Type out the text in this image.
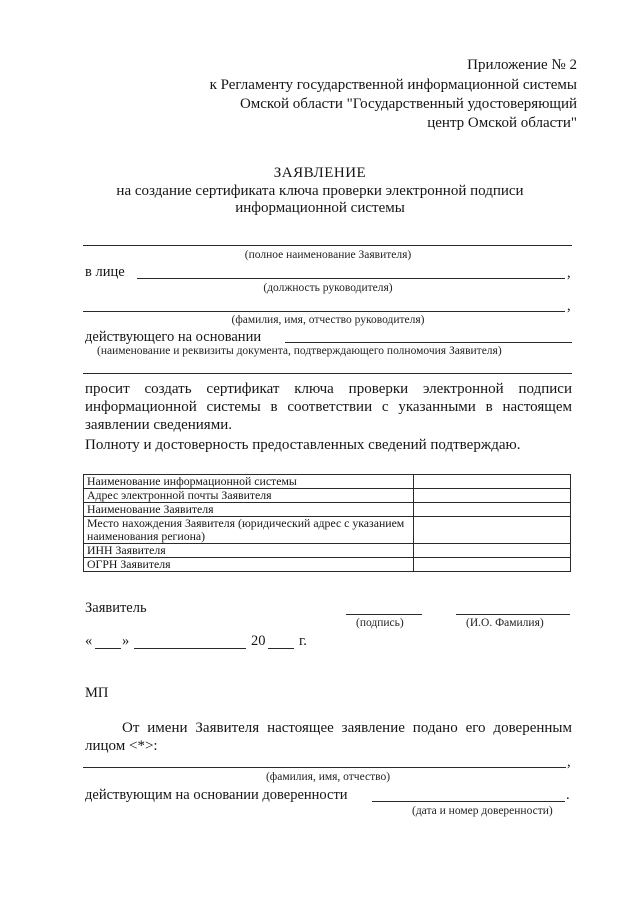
Приложение № 2
к Регламенту государственной информационной системы
Омской области "Государственный удостоверяющий
центр Омской области"
ЗАЯВЛЕНИЕ
на создание сертификата ключа проверки электронной подписи
информационной системы
(полное наименование Заявителя)
в лице	,
(должность руководителя)
,
(фамилия, имя, отчество руководителя)
действующего на основании
(наименование и реквизиты документа, подтверждающего полномочия Заявителя)
просит создать сертификат ключа проверки электронной подписи информационной системы в соответствии с указанными в настоящем заявлении сведениями.
Полноту и достоверность предоставленных сведений подтверждаю.
Наименование информационной системы	
Адрес электронной почты Заявителя	
Наименование Заявителя	
Место нахождения Заявителя (юридический адрес с указанием наименования региона)	
ИНН Заявителя	
ОГРН Заявителя	
Заявитель
(подпись)	(И.О. Фамилия)
« »	20 г.
МП
От имени Заявителя настоящее заявление подано его доверенным лицом <*>:
,
(фамилия, имя, отчество)
действующим на основании доверенности	.
(дата и номер доверенности)
